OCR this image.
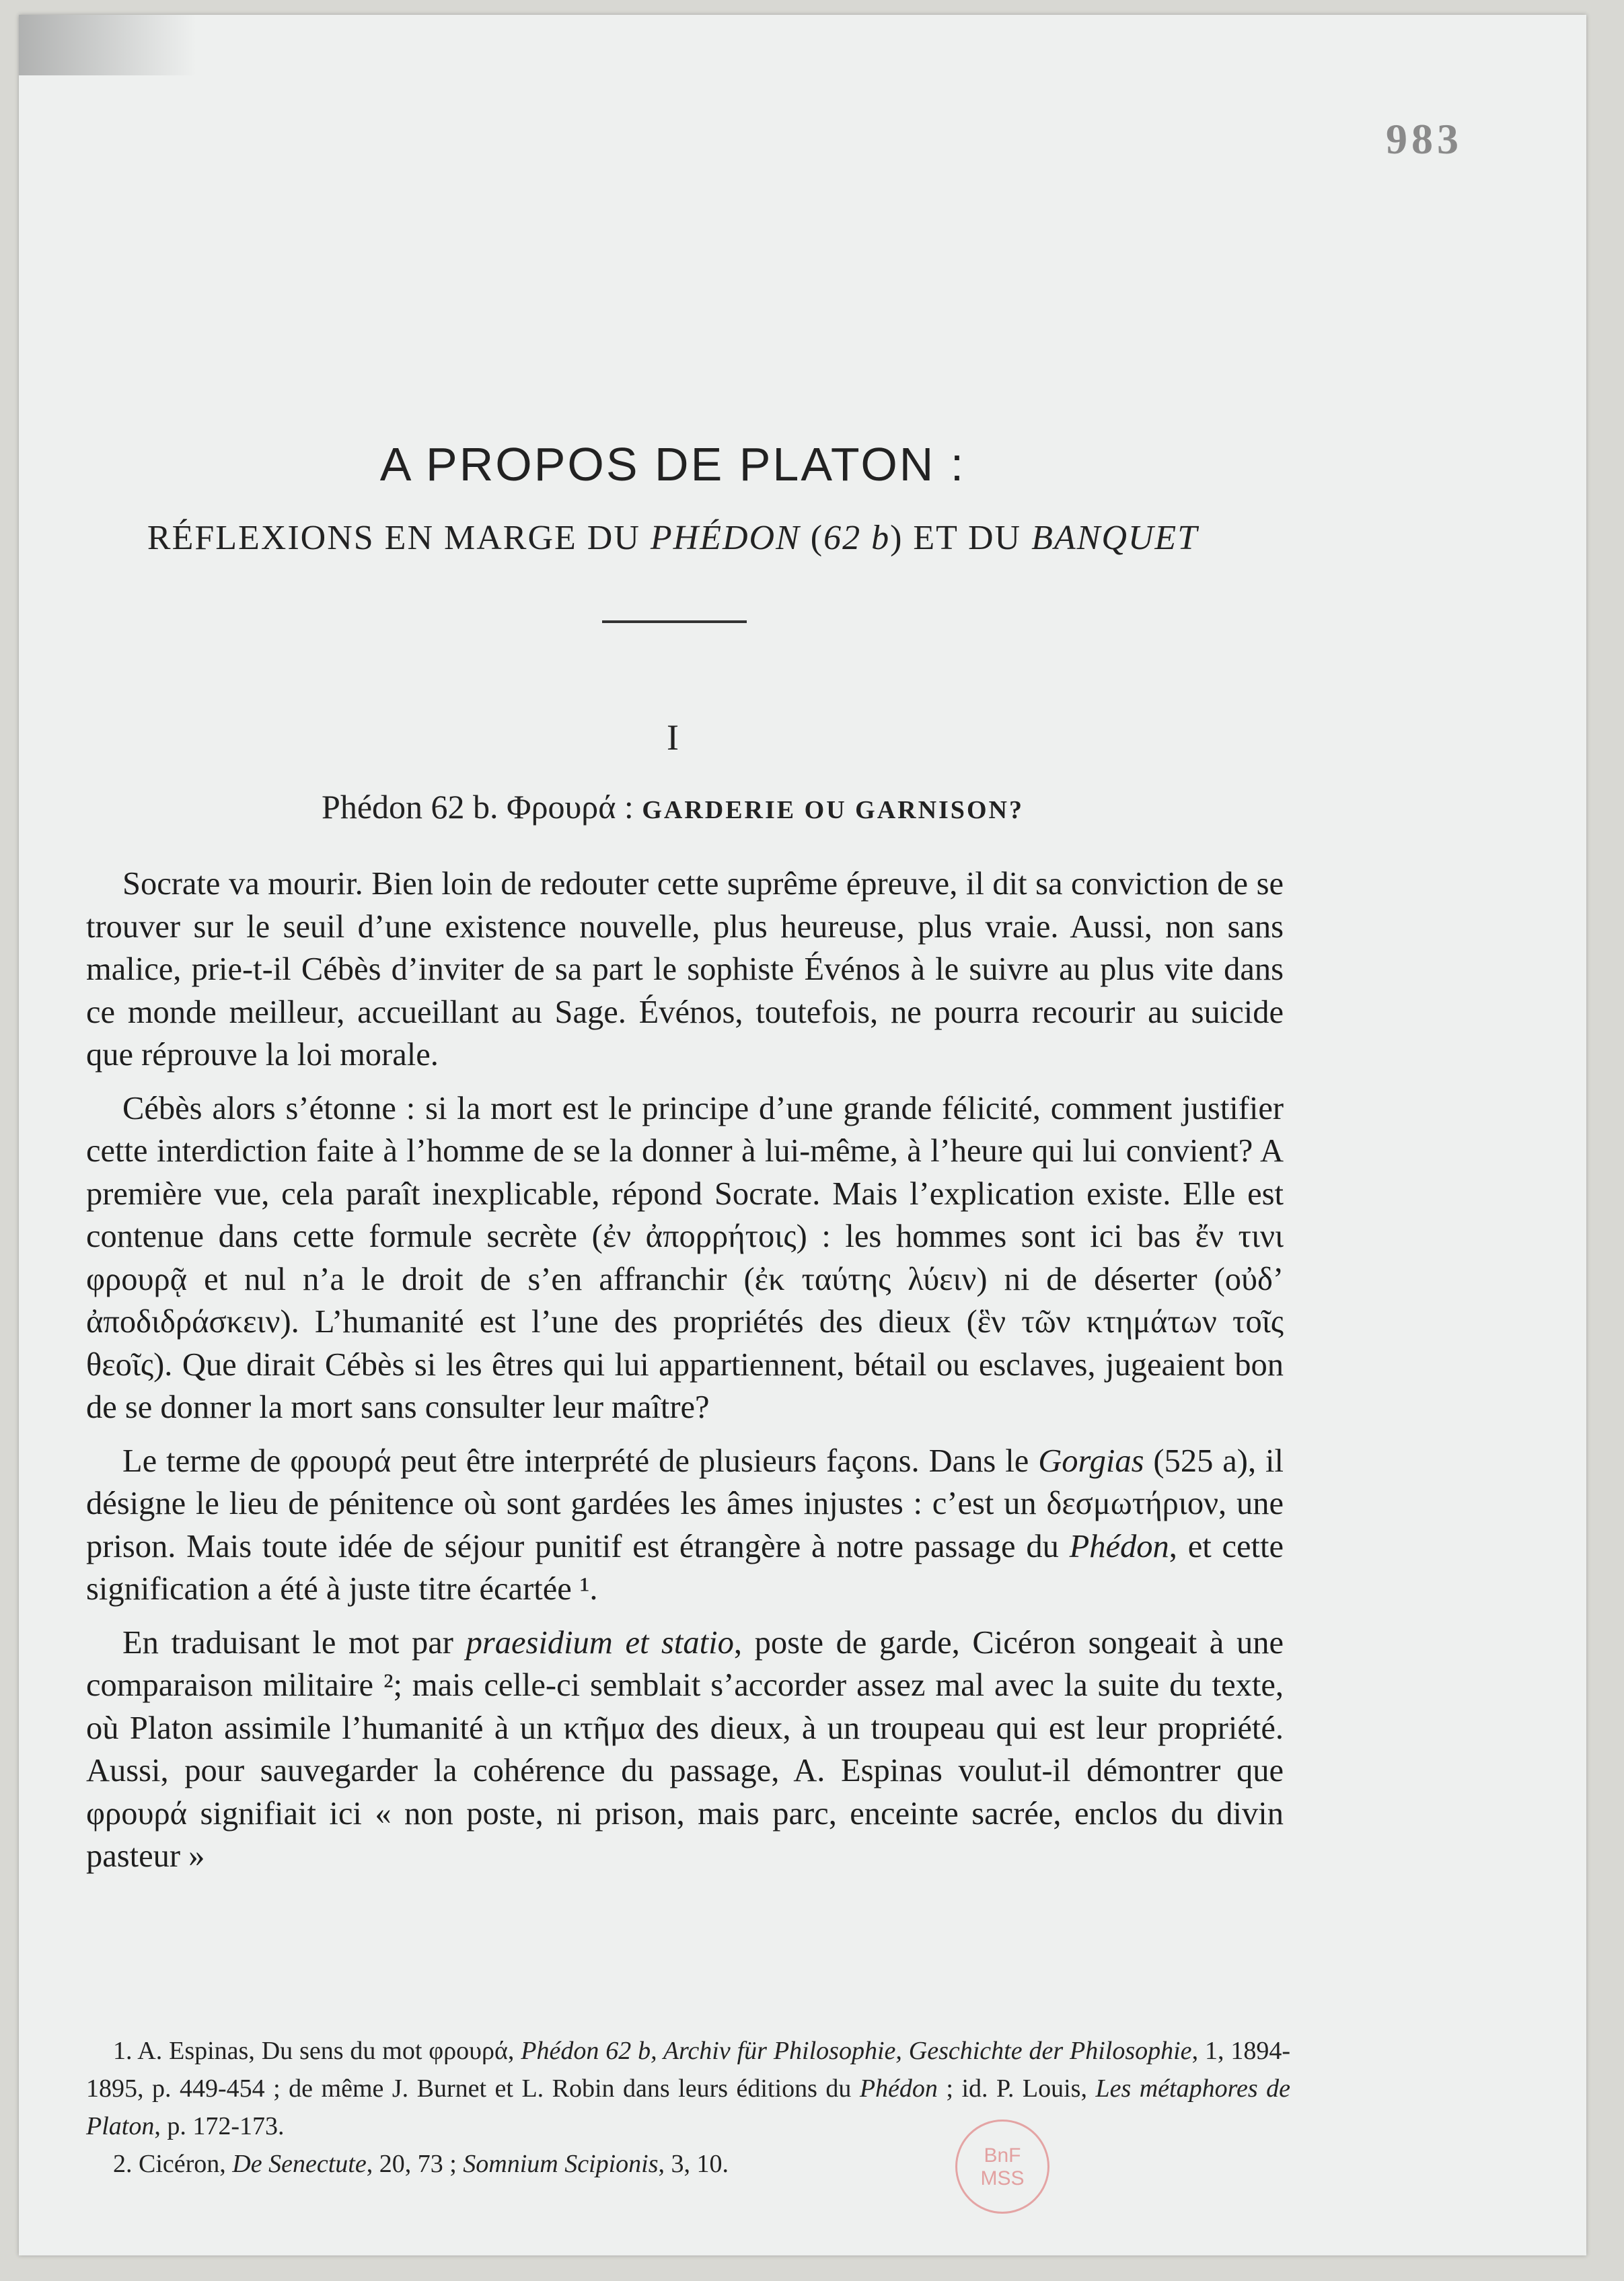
983
A PROPOS DE PLATON :
RÉFLEXIONS EN MARGE DU PHÉDON (62 b) ET DU BANQUET
I
Phédon 62 b. Φρουρά : GARDERIE OU GARNISON?

Socrate va mourir. Bien loin de redouter cette suprême épreuve, il dit sa conviction de se trouver sur le seuil d’une existence nouvelle, plus heureuse, plus vraie. Aussi, non sans malice, prie-t-il Cébès d’inviter de sa part le sophiste Événos à le suivre au plus vite dans ce monde meilleur, accueillant au Sage. Événos, toutefois, ne pourra recourir au suicide que réprouve la loi morale.

Cébès alors s’étonne : si la mort est le principe d’une grande félicité, comment justifier cette interdiction faite à l’homme de se la donner à lui-même, à l’heure qui lui convient? A première vue, cela paraît inexplicable, répond Socrate. Mais l’explication existe. Elle est contenue dans cette formule secrète (ἐν ἀπορρήτοις) : les hommes sont ici bas ἔν τινι φρουρᾷ et nul n’a le droit de s’en affranchir (ἐκ ταύτης λύειν) ni de déserter (οὐδ’ ἀποδιδράσκειν). L’humanité est l’une des propriétés des dieux (ἓν τῶν κτημάτων τοῖς θεοῖς). Que dirait Cébès si les êtres qui lui appartiennent, bétail ou esclaves, jugeaient bon de se donner la mort sans consulter leur maître?

Le terme de φρουρά peut être interprété de plusieurs façons. Dans le Gorgias (525 a), il désigne le lieu de pénitence où sont gardées les âmes injustes : c’est un δεσμωτήριον, une prison. Mais toute idée de séjour punitif est étrangère à notre passage du Phédon, et cette signification a été à juste titre écartée ¹.

En traduisant le mot par praesidium et statio, poste de garde, Cicéron songeait à une comparaison militaire ²; mais celle-ci semblait s’accorder assez mal avec la suite du texte, où Platon assimile l’humanité à un κτῆμα des dieux, à un troupeau qui est leur propriété. Aussi, pour sauvegarder la cohérence du passage, A. Espinas voulut-il démontrer que φρουρά signifiait ici « non poste, ni prison, mais parc, enceinte sacrée, enclos du divin pasteur »

1. A. Espinas, Du sens du mot φρουρά, Phédon 62 b, Archiv für Philosophie, Geschichte der Philosophie, 1, 1894-1895, p. 449-454 ; de même J. Burnet et L. Robin dans leurs éditions du Phédon ; id. P. Louis, Les métaphores de Platon, p. 172-173.

2. Cicéron, De Senectute, 20, 73 ; Somnium Scipionis, 3, 10.	BnF
MSS
